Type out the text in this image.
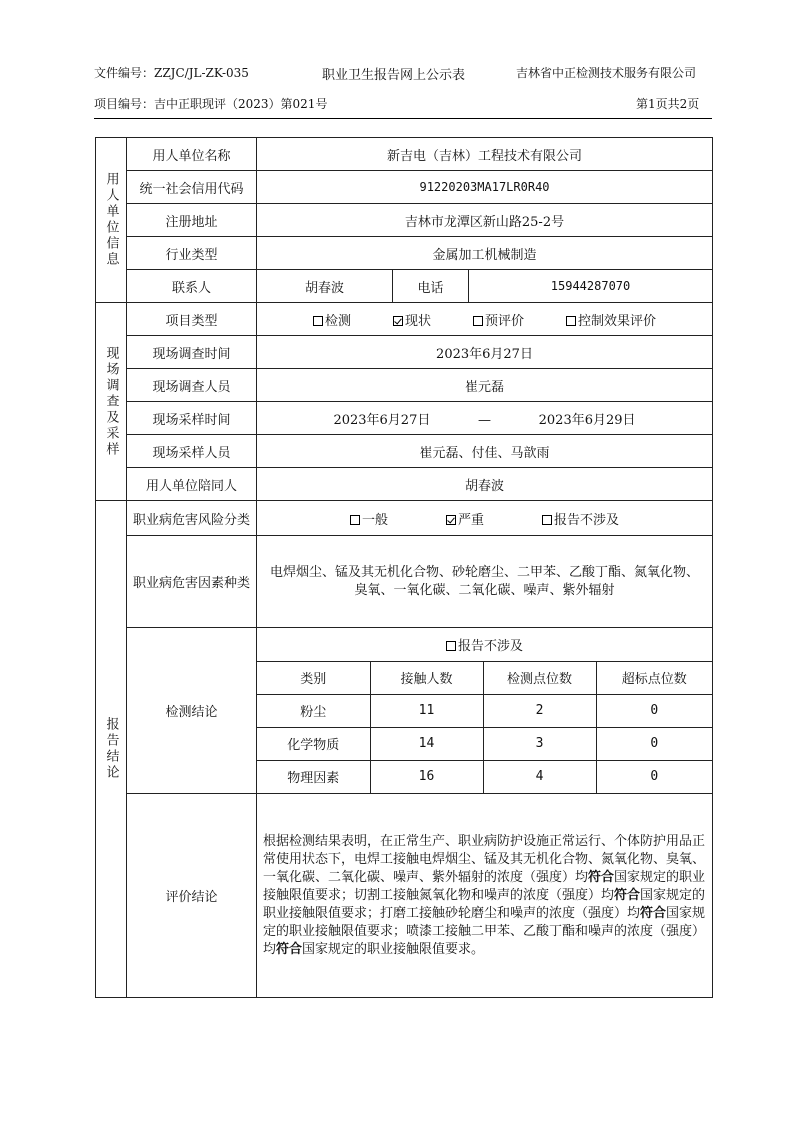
文件编号：ZZJC/JL-ZK-035	职业卫生报告网上公示表	吉林省中正检测技术服务有限公司
项目编号：吉中正职现评（2023）第021号	第1页共2页
用人单位信息	用人单位名称	新吉电（吉林）工程技术有限公司
统一社会信用代码	91220203MA17LR0R40
注册地址	吉林市龙潭区新山路25-2号
行业类型	金属加工机械制造
联系人	胡春波	电话	15944287070
现场调查及采样	项目类型	检测	现状	预评价	控制效果评价
现场调查时间	2023年6月27日
现场调查人员	崔元磊
现场采样时间	2023年6月27日	—	2023年6月29日
现场采样人员	崔元磊、付佳、马歆雨
用人单位陪同人	胡春波
报告结论	职业病危害风险分类	一般	严重	报告不涉及
职业病危害因素种类	电焊烟尘、锰及其无机化合物、砂轮磨尘、二甲苯、乙酸丁酯、氮氧化物、臭氧、一氧化碳、二氧化碳、噪声、紫外辐射
检测结论	
报告不涉及
类别	接触人数	检测点位数	超标点位数
粉尘	11	2	0
化学物质	14	3	0
物理因素	16	4	0

评价结论	根据检测结果表明，在正常生产、职业病防护设施正常运行、个体防护用品正常使用状态下，电焊工接触电焊烟尘、锰及其无机化合物、氮氧化物、臭氧、一氧化碳、二氧化碳、噪声、紫外辐射的浓度（强度）均符合国家规定的职业接触限值要求；切割工接触氮氧化物和噪声的浓度（强度）均符合国家规定的职业接触限值要求；打磨工接触砂轮磨尘和噪声的浓度（强度）均符合国家规定的职业接触限值要求；喷漆工接触二甲苯、乙酸丁酯和噪声的浓度（强度）均符合国家规定的职业接触限值要求。
